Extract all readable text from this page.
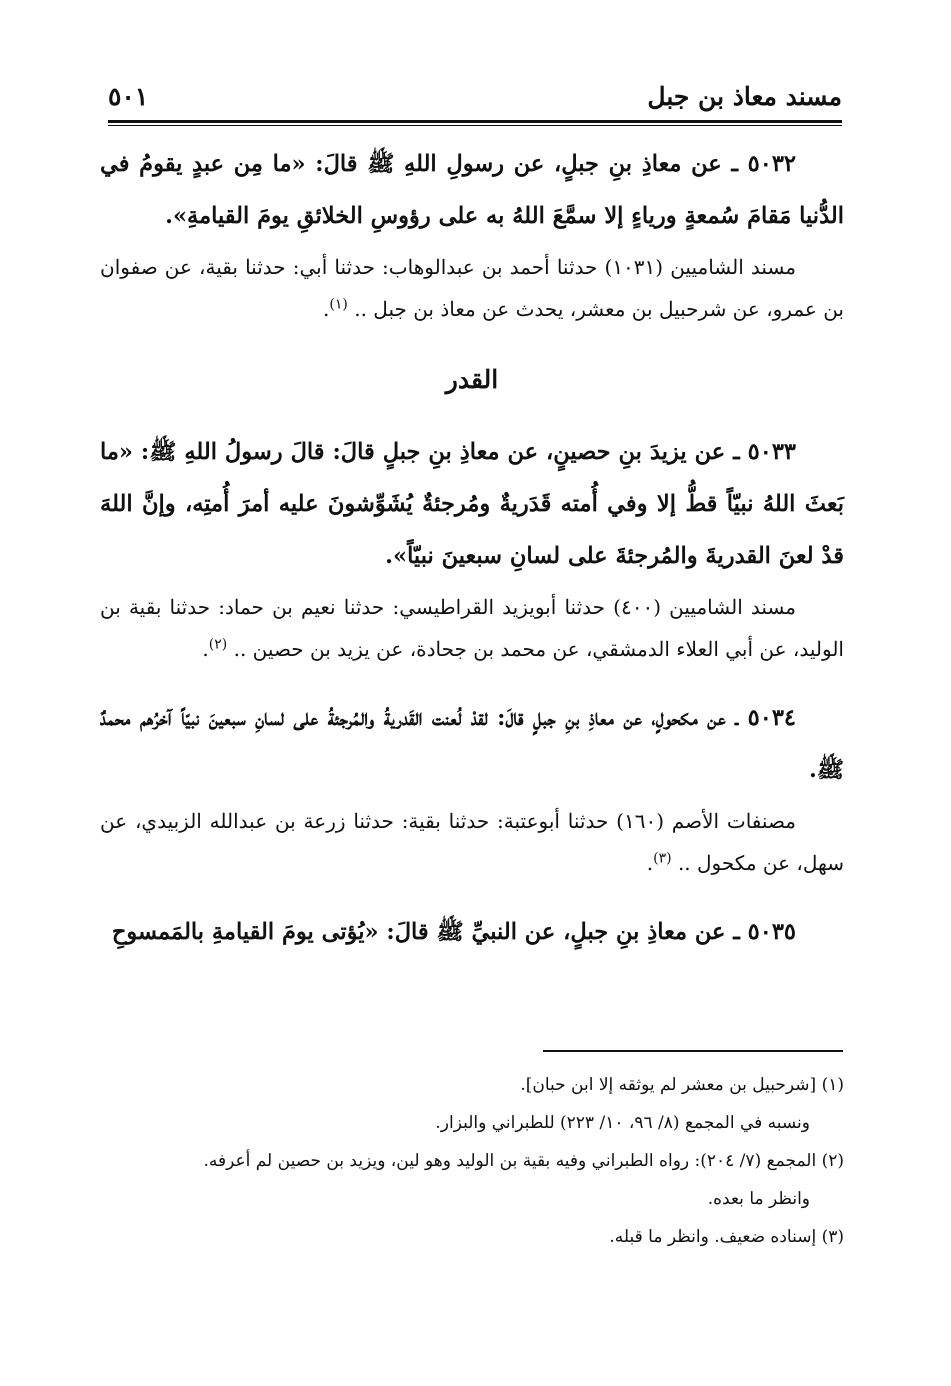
مسند معاذ بن جبل
٥٠١

٥٠٣٢ ـ عن معاذِ بنِ جبلٍ، عن رسولِ اللهِ ﷺ قالَ: «ما مِن عبدٍ يقومُ في الدُّنيا مَقامَ سُمعةٍ ورياءٍ إلا سمَّعَ اللهُ به على رؤوسِ الخلائقِ يومَ القيامةِ».

مسند الشاميين (١٠٣١) حدثنا أحمد بن عبدالوهاب: حدثنا أبي: حدثنا بقية، عن صفوان بن عمرو، عن شرحبيل بن معشر، يحدث عن معاذ بن جبل .. $^{(١)}$.

القدر

٥٠٣٣ ـ عن يزيدَ بنِ حصينٍ، عن معاذِ بنِ جبلٍ قالَ: قالَ رسولُ اللهِ ﷺ: «ما بَعثَ اللهُ نبيّاً قطُّ إلا وفي أُمته قَدَريةٌ ومُرجئةٌ يُشَوِّشونَ عليه أمرَ أُمتِه، وإنَّ اللهَ قدْ لعنَ القدريةَ والمُرجئةَ على لسانِ سبعينَ نبيّاً».

مسند الشاميين (٤٠٠) حدثنا أبويزيد القراطيسي: حدثنا نعيم بن حماد: حدثنا بقية بن الوليد، عن أبي العلاء الدمشقي، عن محمد بن جحادة، عن يزيد بن حصين .. $^{(٢)}$.

٥٠٣٤ ـ عن مكحولٍ، عن معاذِ بنِ جبلٍ قالَ: لقدْ لُعنت القَدريةُ والمُرجئةُ على لسانِ سبعينَ نبيّاً آخرُهم محمدٌ ﷺ.

مصنفات الأصم (١٦٠) حدثنا أبوعتبة: حدثنا بقية: حدثنا زرعة بن عبدالله الزبيدي، عن سهل، عن مكحول .. $^{(٣)}$.

٥٠٣٥ ـ عن معاذِ بنِ جبلٍ، عن النبيِّ ﷺ قالَ: «يُؤتى يومَ القيامةِ بالمَمسوحِ

(١) [شرحبيل بن معشر لم يوثقه إلا ابن حبان].

ونسبه في المجمع (٨/ ٩٦، ١٠/ ٢٢٣) للطبراني والبزار.

(٢) المجمع (٧/ ٢٠٤): رواه الطبراني وفيه بقية بن الوليد وهو لين، ويزيد بن حصين لم أعرفه.

وانظر ما بعده.

(٣) إسناده ضعيف. وانظر ما قبله.
